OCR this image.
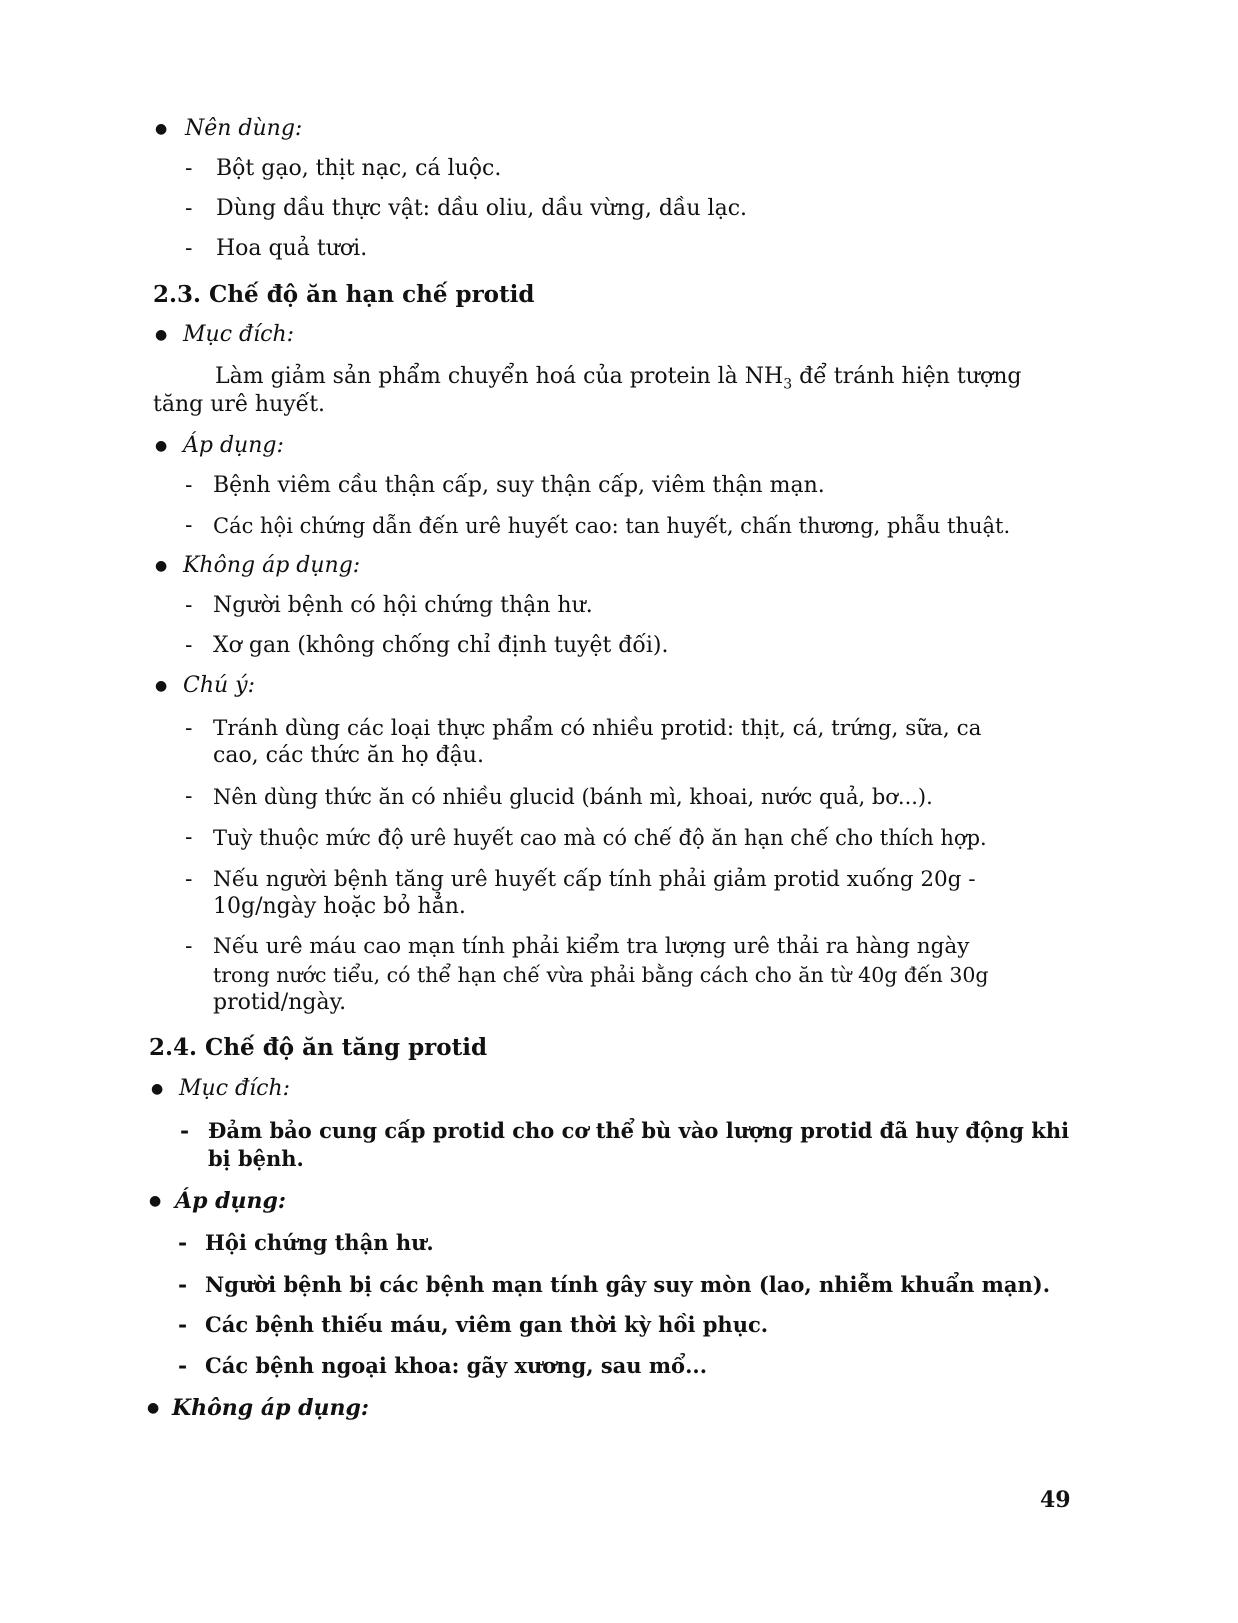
● Nên dùng:
- Bột gạo, thịt nạc, cá luộc.
- Dùng dầu thực vật: dầu oliu, dầu vừng, dầu lạc.
- Hoa quả tươi.
2.3. Chế độ ăn hạn chế protid
● Mục đích:
Làm giảm sản phẩm chuyển hoá của protein là $NH_3$ để tránh hiện tượng
tăng urê huyết.
● Áp dụng:
- Bệnh viêm cầu thận cấp, suy thận cấp, viêm thận mạn.
- Các hội chứng dẫn đến urê huyết cao: tan huyết, chấn thương, phẫu thuật.
● Không áp dụng:
- Người bệnh có hội chứng thận hư.
- Xơ gan (không chống chỉ định tuyệt đối).
● Chú ý:
- Tránh dùng các loại thực phẩm có nhiều protid: thịt, cá, trứng, sữa, ca
cao, các thức ăn họ đậu.
- Nên dùng thức ăn có nhiều glucid (bánh mì, khoai, nước quả, bơ...).
- Tuỳ thuộc mức độ urê huyết cao mà có chế độ ăn hạn chế cho thích hợp.
- Nếu người bệnh tăng urê huyết cấp tính phải giảm protid xuống 20g -
10g/ngày hoặc bỏ hẳn.
- Nếu urê máu cao mạn tính phải kiểm tra lượng urê thải ra hàng ngày
trong nước tiểu, có thể hạn chế vừa phải bằng cách cho ăn từ 40g đến 30g
protid/ngày.
2.4. Chế độ ăn tăng protid
● Mục đích:
- Đảm bảo cung cấp protid cho cơ thể bù vào lượng protid đã huy động khi
bị bệnh.
● Áp dụng:
- Hội chứng thận hư.
- Người bệnh bị các bệnh mạn tính gây suy mòn (lao, nhiễm khuẩn mạn).
- Các bệnh thiếu máu, viêm gan thời kỳ hồi phục.
- Các bệnh ngoại khoa: gãy xương, sau mổ...
● Không áp dụng:
49
